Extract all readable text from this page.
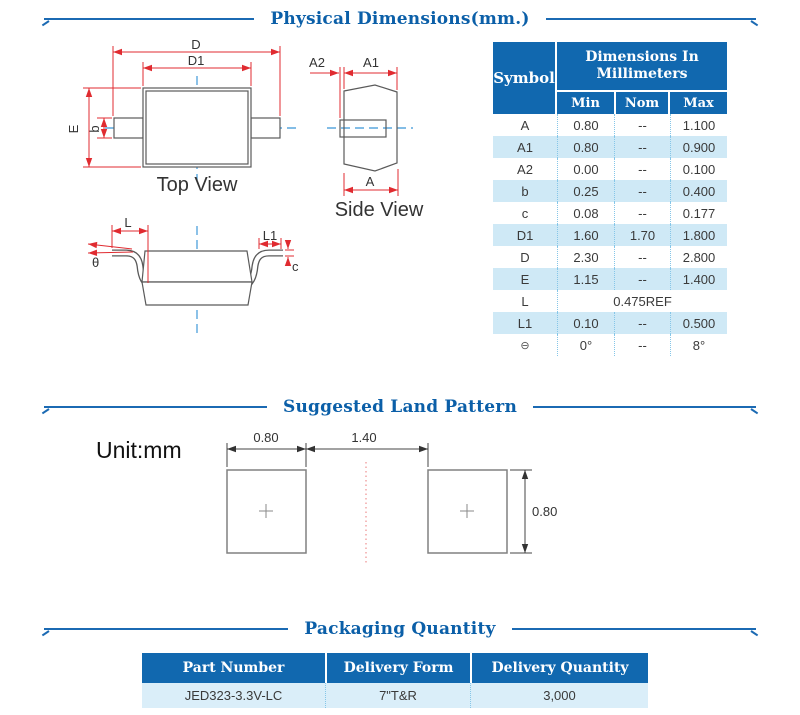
Physical Dimensions(mm.)
D
D1
E b
Top View
A2	A1
A
Side View
L
L1
c
θ
Symbol	Dimensions In Millimeters		

	Min	Nom	Max
A	0.80	--	1.100
A1	0.80	--	0.900
A2	0.00	--	0.100
b	0.25	--	0.400
c	0.08	--	0.177
D1	1.60	1.70	1.800
D	2.30	--	2.800
E	1.15	--	1.400
L	0.475REF		
L1	0.10	--	0.500
⊖	0°	--	8°
Suggested Land Pattern
Unit:mm	0.80	1.40
0.80
Packaging Quantity
Part Number	Delivery Form	Delivery Quantity
JED323-3.3V-LC	7"T&R	3,000
